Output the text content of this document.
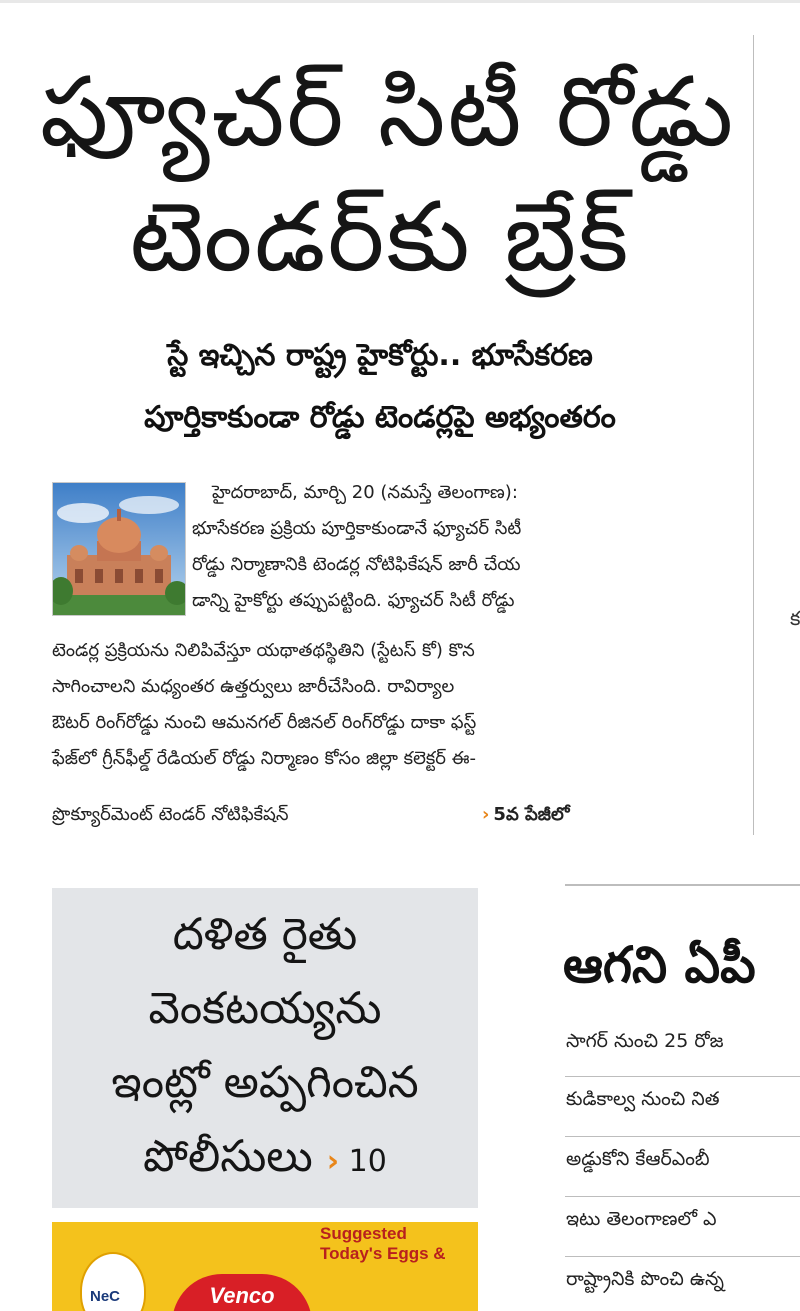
ఫ్యూచర్ సిటీ రోడ్డు
టెండర్‌కు బ్రేక్
స్టే ఇచ్చిన రాష్ట్ర హైకోర్టు.. భూసేకరణ
పూర్తికాకుండా రోడ్డు టెండర్లపై అభ్యంతరం
హైదరాబాద్, మార్చి 20 (నమస్తే తెలంగాణ):
భూసేకరణ ప్రక్రియ పూర్తికాకుండానే ఫ్యూచర్ సిటీ
రోడ్డు నిర్మాణానికి టెండర్ల నోటిఫికేషన్ జారీ చేయ
డాన్ని హైకోర్టు తప్పుపట్టింది. ఫ్యూచర్ సిటీ రోడ్డు
టెండర్ల ప్రక్రియను నిలిపివేస్తూ యథాతథస్థితిని (స్టేటస్ కో) కొన
సాగించాలని మధ్యంతర ఉత్తర్వులు జారీచేసింది. రావిర్యాల
ఔటర్ రింగ్‌రోడ్డు నుంచి ఆమనగల్ రీజినల్ రింగ్‌రోడ్డు దాకా ఫస్ట్
ఫేజ్‌లో గ్రీన్‌ఫీల్డ్ రేడియల్ రోడ్డు నిర్మాణం కోసం జిల్లా కలెక్టర్ ఈ-
ప్రొక్యూర్‌మెంట్ టెండర్ నోటిఫికేషన్	› 5వ పేజీలో
క
దళిత రైతు
వెంకటయ్యను
ఇంట్లో అప్పగించిన
పోలీసులు › 10
NeC	Venco
Suggested
Today's Eggs &
ఆగని ఏపీ
సాగర్ నుంచి 25 రోజ
కుడికాల్వ నుంచి నిత
అడ్డుకోని కేఆర్‌ఎంబీ
ఇటు తెలంగాణలో ఎ
రాష్ట్రానికి పొంచి ఉన్న
